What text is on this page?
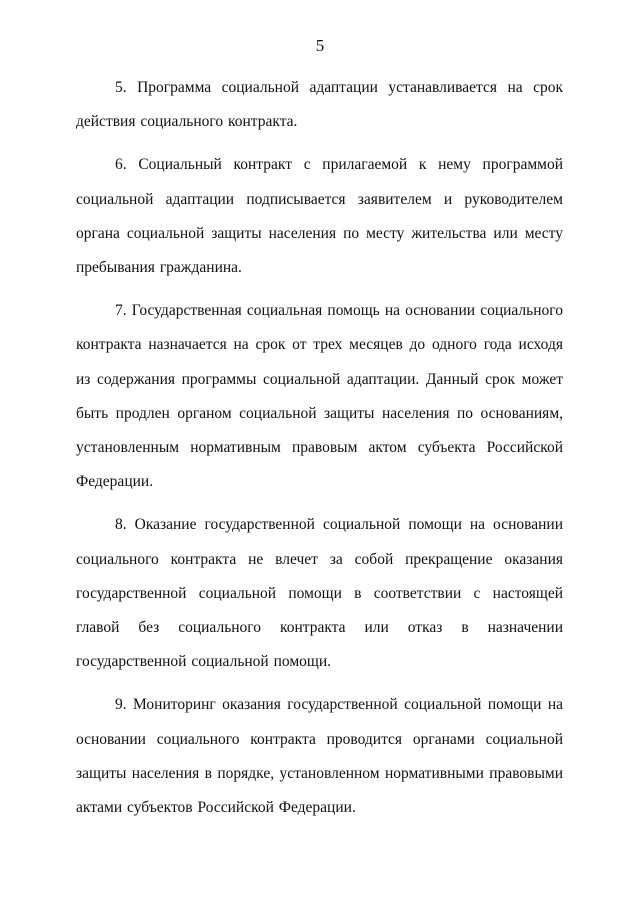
5

5. Программа социальной адаптации устанавливается на срок действия социального контракта.

6. Социальный контракт с прилагаемой к нему программой социальной адаптации подписывается заявителем и руководителем органа социальной защиты населения по месту жительства или месту пребывания гражданина.

7. Государственная социальная помощь на основании социального контракта назначается на срок от трех месяцев до одного года исходя из содержания программы социальной адаптации. Данный срок может быть продлен органом социальной защиты населения по основаниям, установленным нормативным правовым актом субъекта Российской Федерации.

8. Оказание государственной социальной помощи на основании социального контракта не влечет за собой прекращение оказания государственной социальной помощи в соответствии с настоящей главой без социального контракта или отказ в назначении государственной социальной помощи.

9. Мониторинг оказания государственной социальной помощи на основании социального контракта проводится органами социальной защиты населения в порядке, установленном нормативными правовыми актами субъектов Российской Федерации.
